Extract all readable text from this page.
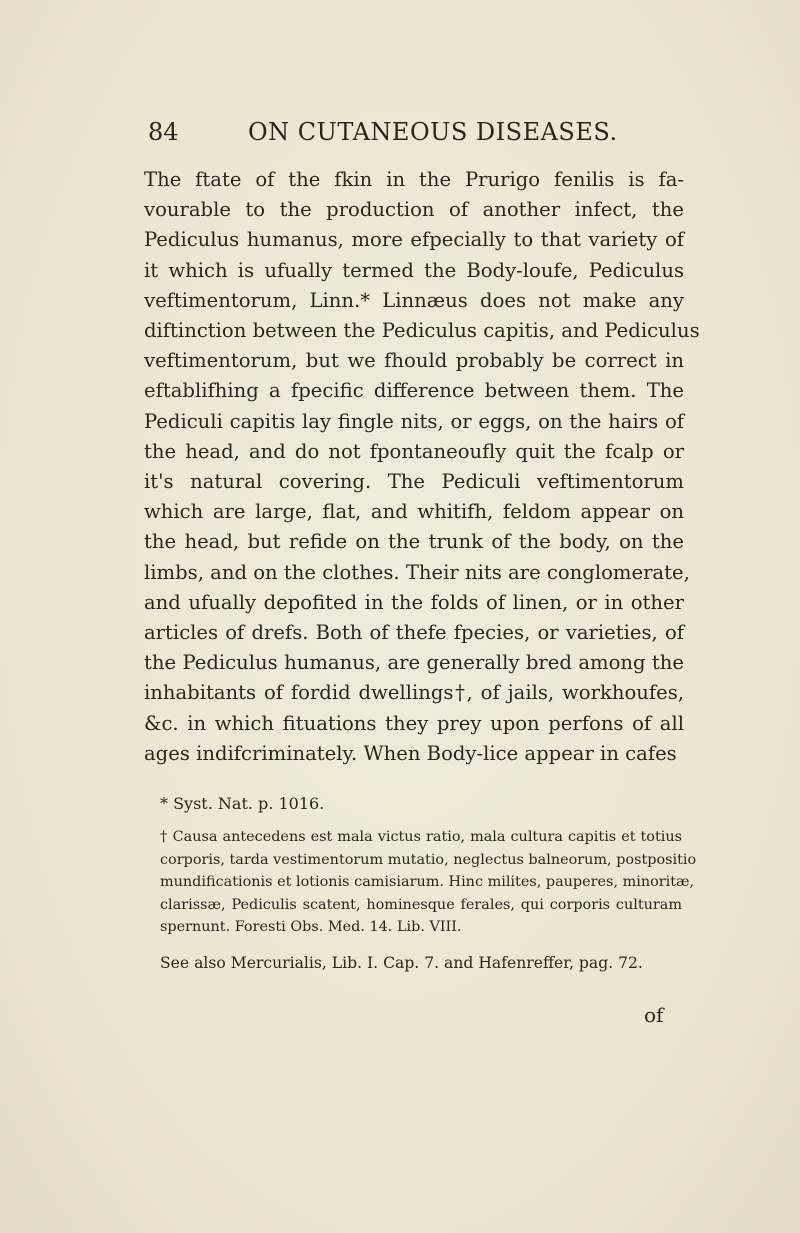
84	ON CUTANEOUS DISEASES.
The ftate of the fkin in the Prurigo fenilis is fa-
vourable to the production of another infect, the
Pediculus humanus, more efpecially to that variety of
it which is ufually termed the Body-loufe, Pediculus
veftimentorum, Linn.* Linnæus does not make any
diftinction between the Pediculus capitis, and Pediculus
veftimentorum, but we fhould probably be correct in
eftablifhing a fpecific difference between them. The
Pediculi capitis lay fingle nits, or eggs, on the hairs of
the head, and do not fpontaneoufly quit the fcalp or
it's natural covering. The Pediculi veftimentorum
which are large, flat, and whitifh, feldom appear on
the head, but refide on the trunk of the body, on the
limbs, and on the clothes. Their nits are conglomerate,
and ufually depofited in the folds of linen, or in other
articles of drefs. Both of thefe fpecies, or varieties, of
the Pediculus humanus, are generally bred among the
inhabitants of fordid dwellings†, of jails, workhoufes,
&c. in which fituations they prey upon perfons of all
ages indifcriminately. When Body-lice appear in cafes
* Syst. Nat. p. 1016.
† Causa antecedens est mala victus ratio, mala cultura capitis et totius
corporis, tarda vestimentorum mutatio, neglectus balneorum, postpositio
mundificationis et lotionis camisiarum. Hinc milites, pauperes, minoritæ,
clarissæ, Pediculis scatent, hominesque ferales, qui corporis culturam
spernunt. Foresti Obs. Med. 14. Lib. VIII.
See also Mercurialis, Lib. I. Cap. 7. and Hafenreffer, pag. 72.
of
